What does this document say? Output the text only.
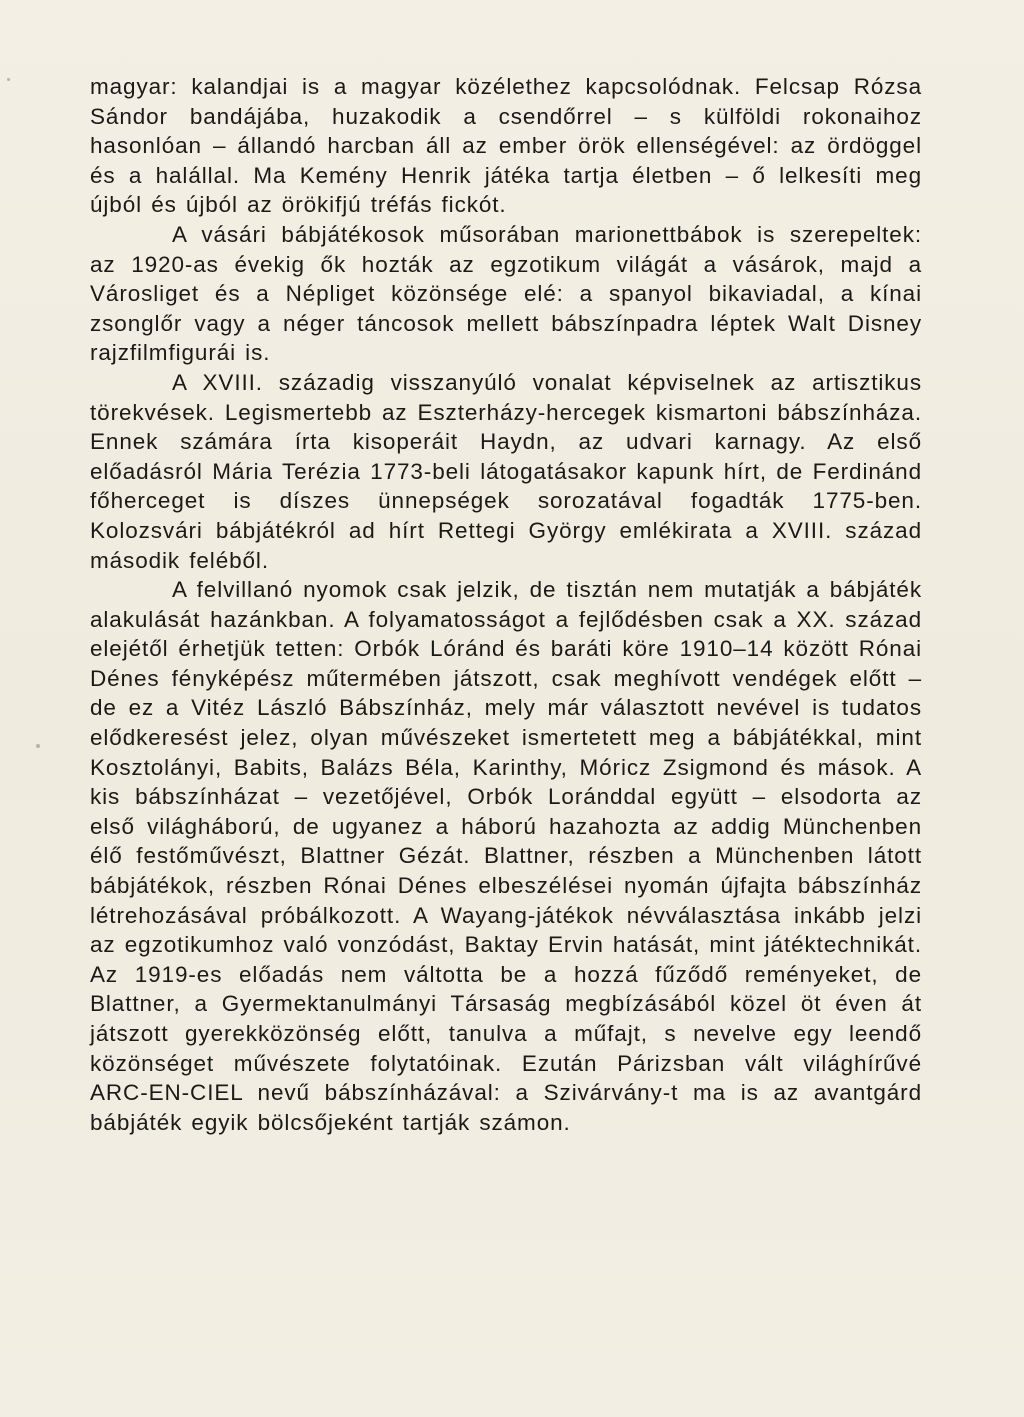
magyar: kalandjai is a magyar közélethez kapcsolódnak. Felcsap Rózsa Sándor bandájába, huzakodik a csendőrrel – s külföldi rokonaihoz hasonlóan – állandó harcban áll az ember örök ellenségével: az ördöggel és a halállal. Ma Kemény Henrik játéka tartja életben – ő lelkesíti meg újból és újból az örökifjú tréfás fickót.

A vásári bábjátékosok műsorában marionettbábok is szerepeltek: az 1920-as évekig ők hozták az egzotikum világát a vásárok, majd a Városliget és a Népliget közönsége elé: a spanyol bikaviadal, a kínai zsonglőr vagy a néger táncosok mellett bábszínpadra léptek Walt Disney rajzfilmfigurái is.

A XVIII. századig visszanyúló vonalat képviselnek az artisztikus törekvések. Legismertebb az Eszterházy-hercegek kismartoni bábszínháza. Ennek számára írta kisoperáit Haydn, az udvari karnagy. Az első előadásról Mária Terézia 1773-beli látogatásakor kapunk hírt, de Ferdinánd főherceget is díszes ünnepségek sorozatával fogadták 1775-ben. Kolozsvári bábjátékról ad hírt Rettegi György emlékirata a XVIII. század második feléből.

A felvillanó nyomok csak jelzik, de tisztán nem mutatják a bábjáték alakulását hazánkban. A folyamatosságot a fejlődésben csak a XX. század elejétől érhetjük tetten: Orbók Lóránd és baráti köre 1910–14 között Rónai Dénes fényképész műtermében játszott, csak meghívott vendégek előtt – de ez a Vitéz László Bábszínház, mely már választott nevével is tudatos elődkeresést jelez, olyan művészeket ismertetett meg a bábjátékkal, mint Kosztolányi, Babits, Balázs Béla, Karinthy, Móricz Zsigmond és mások. A kis bábszínházat – vezetőjével, Orbók Loránddal együtt – elsodorta az első világháború, de ugyanez a háború hazahozta az addig Münchenben élő festőművészt, Blattner Gézát. Blattner, részben a Münchenben látott bábjátékok, részben Rónai Dénes elbeszélései nyomán újfajta bábszínház létrehozásával próbálkozott. A Wayang-játékok névválasztása inkább jelzi az egzotikumhoz való vonzódást, Baktay Ervin hatását, mint játéktechnikát. Az 1919-es előadás nem váltotta be a hozzá fűződő reményeket, de Blattner, a Gyermektanulmányi Társaság megbízásából közel öt éven át játszott gyerekközönség előtt, tanulva a műfajt, s nevelve egy leendő közönséget művészete folytatóinak. Ezután Párizsban vált világhírűvé ARC-EN-CIEL nevű bábszínházával: a Szivárvány-t ma is az avantgárd bábjáték egyik bölcsőjeként tartják számon.
